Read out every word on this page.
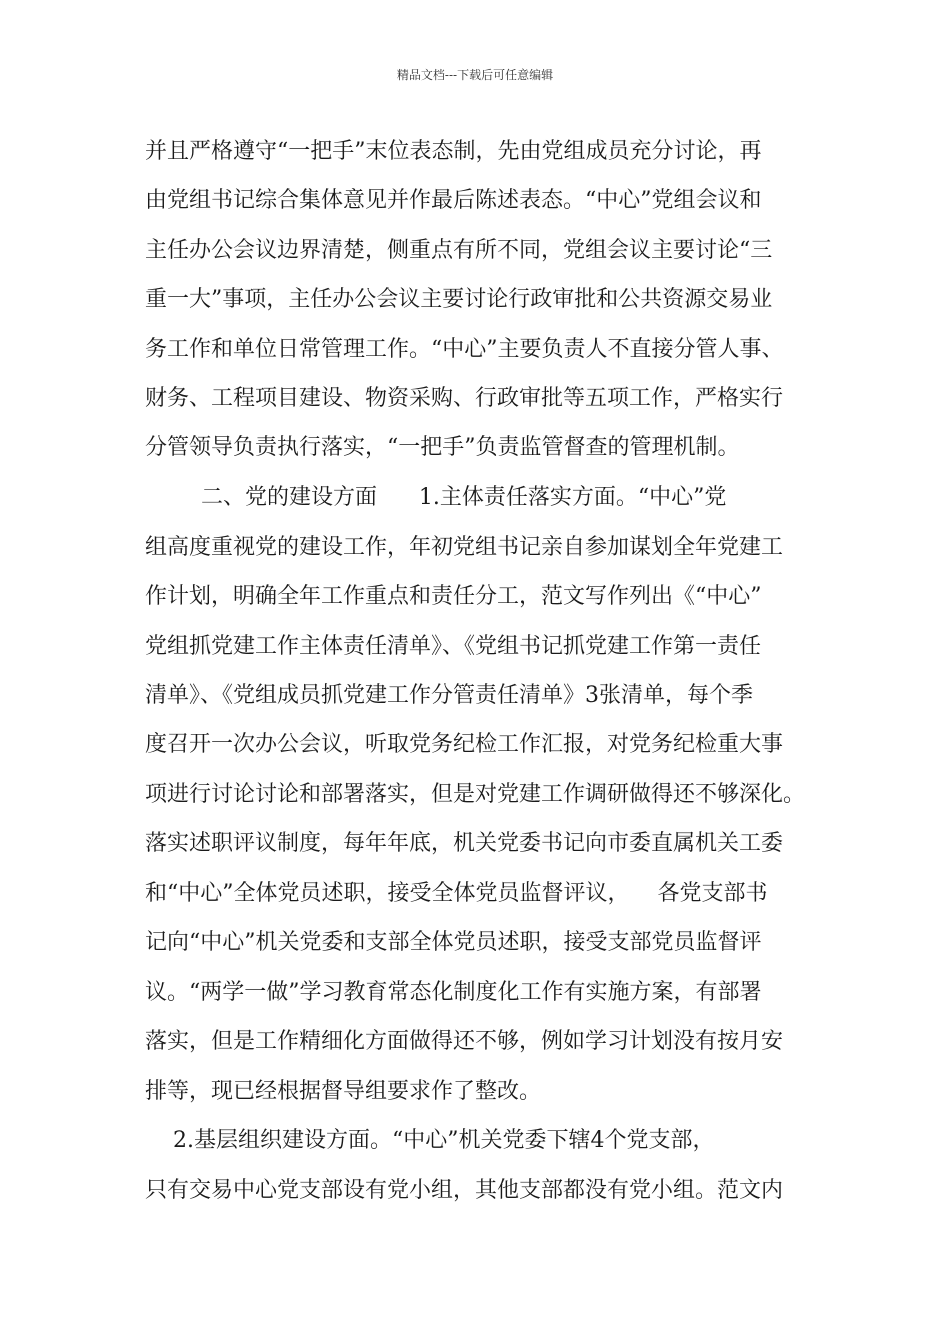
精品文档---下载后可任意编辑
并且严格遵守“一把手”末位表态制，先由党组成员充分讨论，再
由党组书记综合集体意见并作最后陈述表态。“中心”党组会议和
主任办公会议边界清楚，侧重点有所不同，党组会议主要讨论“三
重一大”事项，主任办公会议主要讨论行政审批和公共资源交易业
务工作和单位日常管理工作。“中心”主要负责人不直接分管人事、
财务、工程项目建设、物资采购、行政审批等五项工作，严格实行
分管领导负责执行落实，“一把手”负责监管督查的管理机制。
二、党的建设方面      1.主体责任落实方面。“中心”党
组高度重视党的建设工作，年初党组书记亲自参加谋划全年党建工
作计划，明确全年工作重点和责任分工，范文写作列出《“中心”
党组抓党建工作主体责任清单》、《党组书记抓党建工作第一责任
清单》、《党组成员抓党建工作分管责任清单》3张清单，每个季
度召开一次办公会议，听取党务纪检工作汇报，对党务纪检重大事
项进行讨论讨论和部署落实，但是对党建工作调研做得还不够深化。
落实述职评议制度，每年年底，机关党委书记向市委直属机关工委
和“中心”全体党员述职，接受全体党员监督评议，    各党支部书
记向“中心”机关党委和支部全体党员述职，接受支部党员监督评
议。“两学一做”学习教育常态化制度化工作有实施方案，有部署
落实，但是工作精细化方面做得还不够，例如学习计划没有按月安
排等，现已经根据督导组要求作了整改。
2.基层组织建设方面。“中心”机关党委下辖4个党支部，
只有交易中心党支部设有党小组，其他支部都没有党小组。范文内
